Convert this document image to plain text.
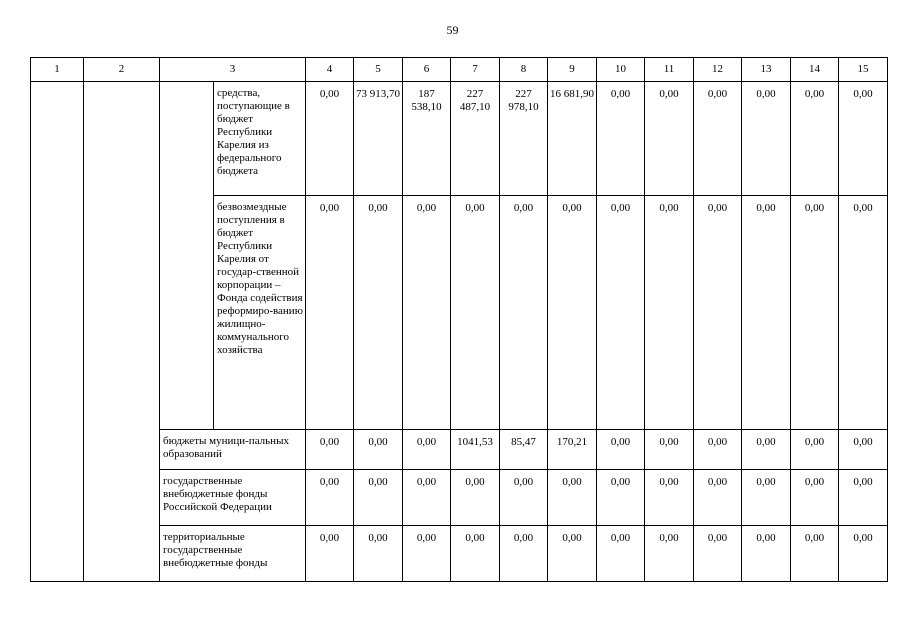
59
1	2	3		4	5	6	7	8	9	10	11	12	13	14	15
			средства, поступающие в бюджет Республики Карелия из федерального бюджета	0,00	73 913,70	187 538,10	227 487,10	227 978,10	16 681,90	0,00	0,00	0,00	0,00	0,00	0,00
			безвозмездные поступления в бюджет Республики Карелия от государ-ственной корпорации – Фонда содействия реформиро-ванию жилищно-коммунального хозяйства	0,00	0,00	0,00	0,00	0,00	0,00	0,00	0,00	0,00	0,00	0,00	0,00
		бюджеты муници-пальных образований		0,00	0,00	0,00	1041,53	85,47	170,21	0,00	0,00	0,00	0,00	0,00	0,00
		государственные внебюджетные фонды Российской Федерации		0,00	0,00	0,00	0,00	0,00	0,00	0,00	0,00	0,00	0,00	0,00	0,00
		территориальные государственные внебюджетные фонды		0,00	0,00	0,00	0,00	0,00	0,00	0,00	0,00	0,00	0,00	0,00	0,00
